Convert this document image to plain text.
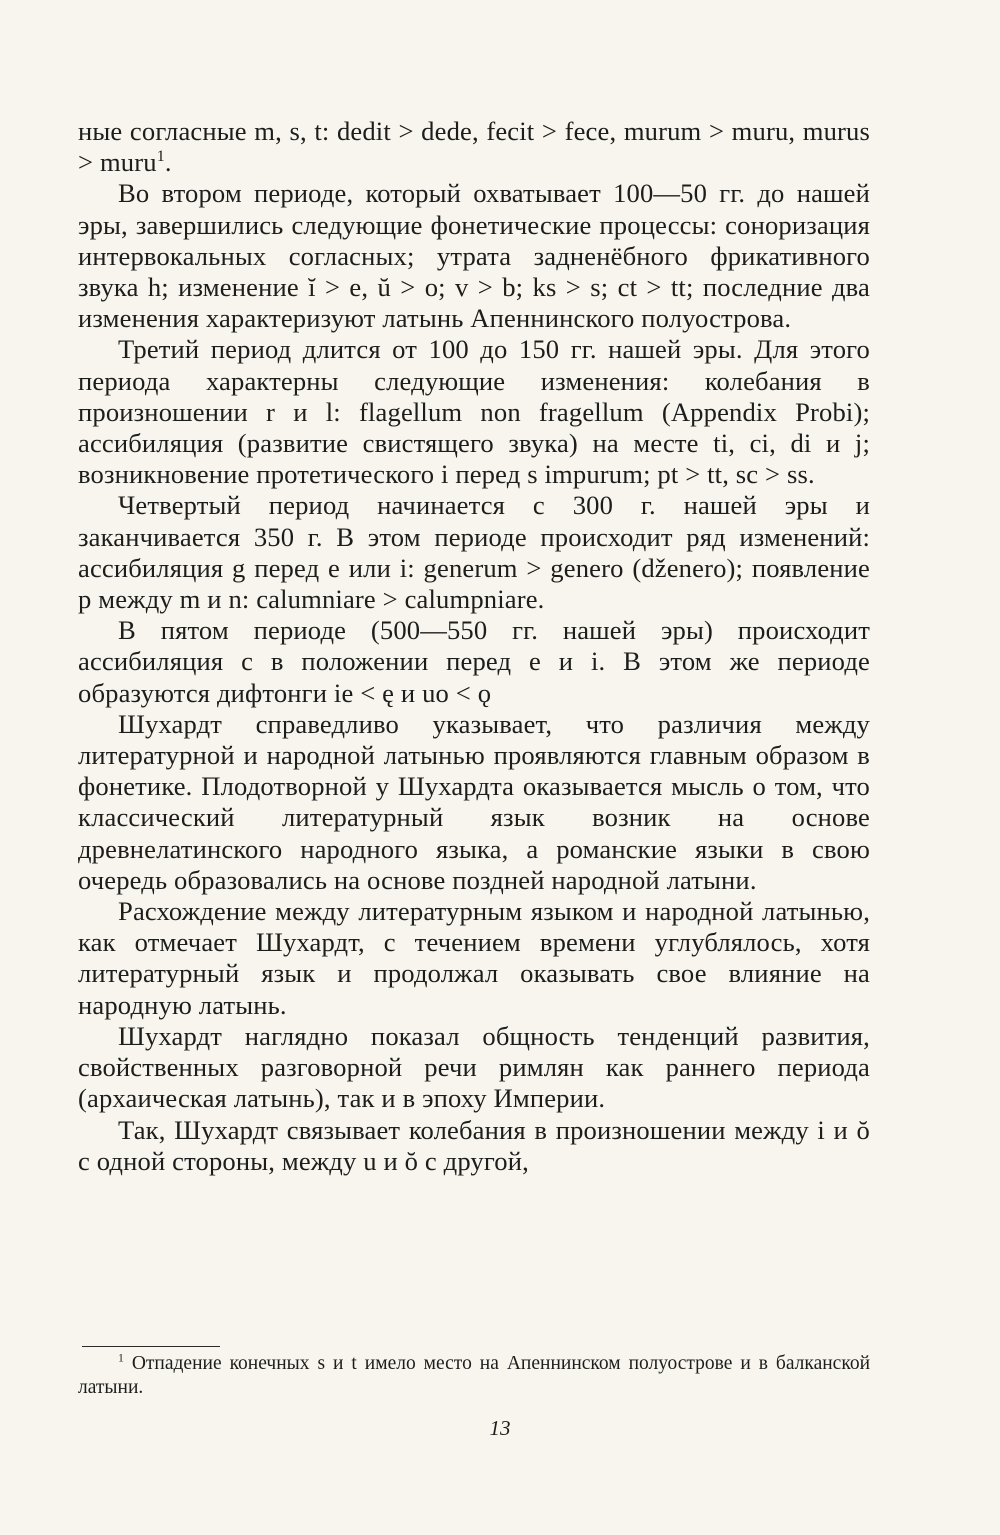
ные согласные m, s, t: dedit > dede, fecit > fece, murum > muru, murus > muru$^1$.

Во втором периоде, который охватывает 100—50 гг. до нашей эры, завершились следующие фонетические процессы: сонoризация интервокальных согласных; утрата задненёбного фрикативного звука h; изменение ĭ > e, ŭ > o; v > b; ks > s; ct > tt; последние два изменения характеризуют латынь Апеннинского полуострова.

Третий период длится от 100 до 150 гг. нашей эры. Для этого периода характерны следующие изменения: колебания в произношении r и l: flagellum non fragellum (Appendix Probi); ассибиляция (развитие свистящего звука) на месте ti, ci, di и j; возникновение протетического i перед s impurum; pt > tt, sc > ss.

Четвертый период начинается с 300 г. нашей эры и заканчивается 350 г. В этом периоде происходит ряд изменений: ассибиляция g перед e или i: generum > genero (dženero); появление p между m и n: calumniare > calumpniare.

В пятом периоде (500—550 гг. нашей эры) происходит ассибиляция c в положении перед e и i. В этом же периоде образуются дифтонги ie < ę и uo < ǫ

Шухардт справедливо указывает, что различия между литературной и народной латынью проявляются главным образом в фонетике. Плодотворной у Шухардта оказывается мысль о том, что классический литературный язык возник на основе древнелатинского народного языка, а романские языки в свою очередь образовались на основе поздней народной латыни.

Расхождение между литературным языком и народной латынью, как отмечает Шухардт, с течением времени углублялось, хотя литературный язык и продолжал оказывать свое влияние на народную латынь.

Шухардт наглядно показал общность тенденций развития, свойственных разговорной речи римлян как раннего периода (архаическая латынь), так и в эпоху Империи.

Так, Шухардт связывает колебания в произношении между i и ŏ с одной стороны, между u и ŏ с другой,

$^1$ Отпадение конечных s и t имело место на Апеннинском полуострове и в балканской латыни.

13
